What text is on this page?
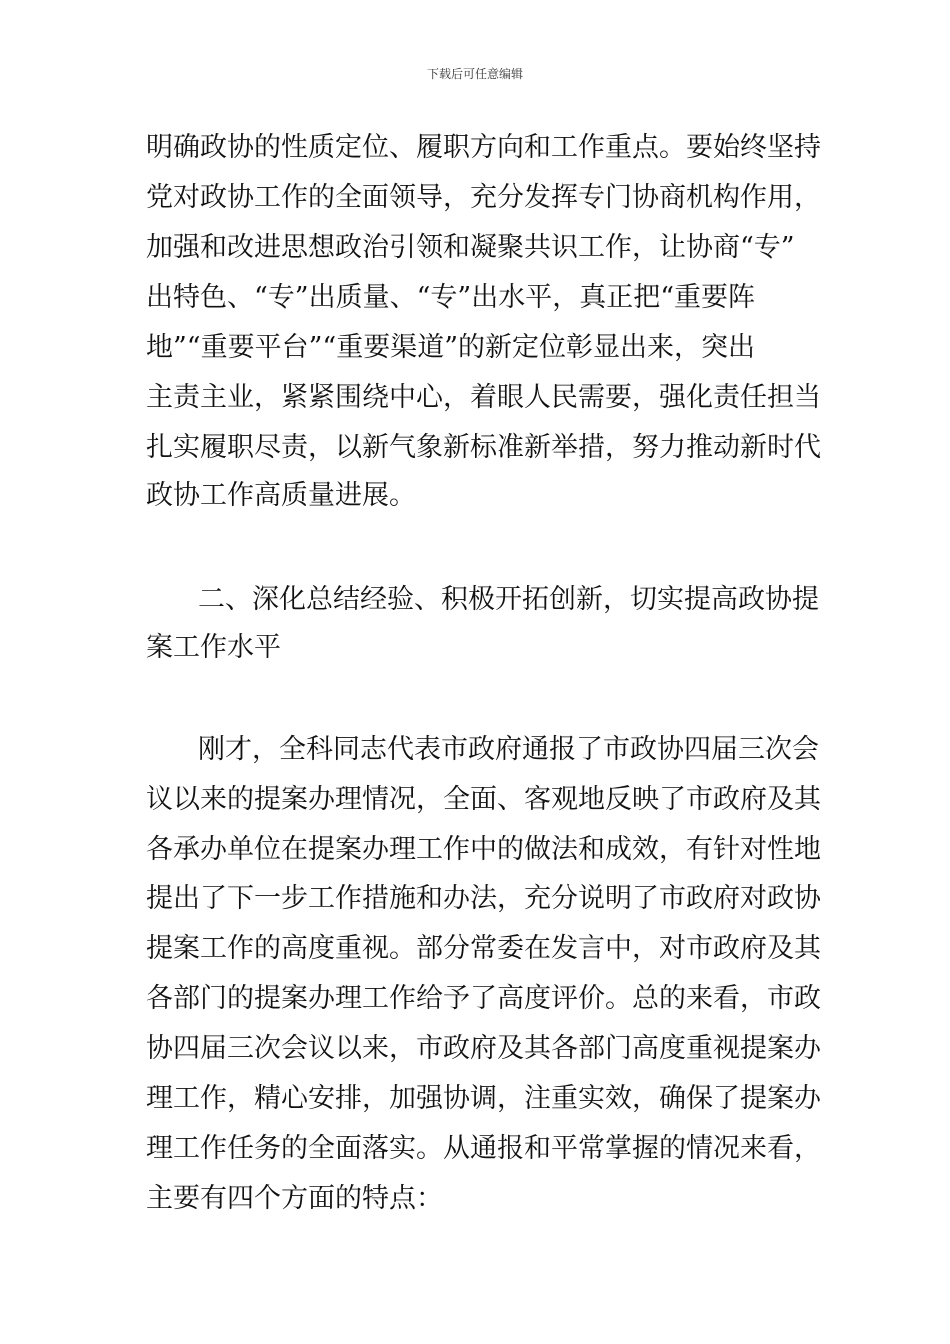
下载后可任意编辑
明确政协的性质定位、履职方向和工作重点。要始终坚持
党对政协工作的全面领导，充分发挥专门协商机构作用，
加强和改进思想政治引领和凝聚共识工作，让协商“专”
出特色、“专”出质量、“专”出水平，真正把“重要阵
地”“重要平台”“重要渠道”的新定位彰显出来，突出
主责主业，紧紧围绕中心，着眼人民需要，强化责任担当
扎实履职尽责，以新气象新标准新举措，努力推动新时代
政协工作高质量进展。
二、深化总结经验、积极开拓创新，切实提高政协提
案工作水平
刚才，全科同志代表市政府通报了市政协四届三次会
议以来的提案办理情况，全面、客观地反映了市政府及其
各承办单位在提案办理工作中的做法和成效，有针对性地
提出了下一步工作措施和办法，充分说明了市政府对政协
提案工作的高度重视。部分常委在发言中，对市政府及其
各部门的提案办理工作给予了高度评价。总的来看，市政
协四届三次会议以来，市政府及其各部门高度重视提案办
理工作，精心安排，加强协调，注重实效，确保了提案办
理工作任务的全面落实。从通报和平常掌握的情况来看，
主要有四个方面的特点：
